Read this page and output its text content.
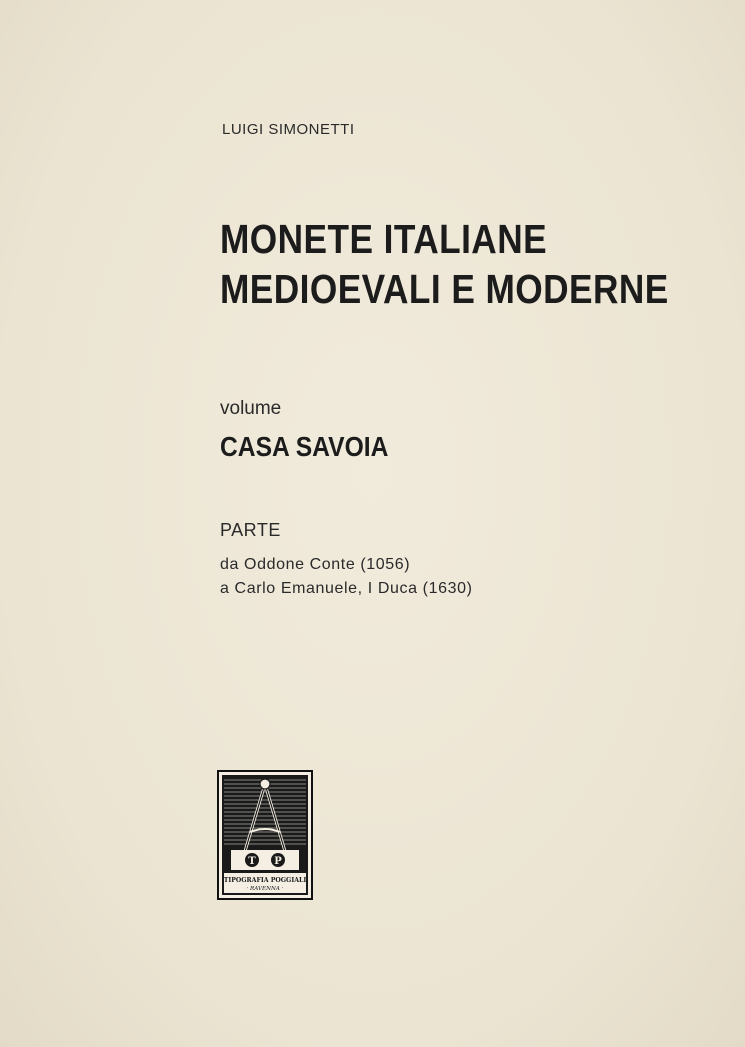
LUIGI SIMONETTI
MONETE ITALIANE
MEDIOEVALI E MODERNE
volume
CASA SAVOIA
PARTE
da Oddone Conte (1056)
a Carlo Emanuele, I Duca (1630)
T P
TIPOGRAFIA POGGIALI
· RAVENNA ·
